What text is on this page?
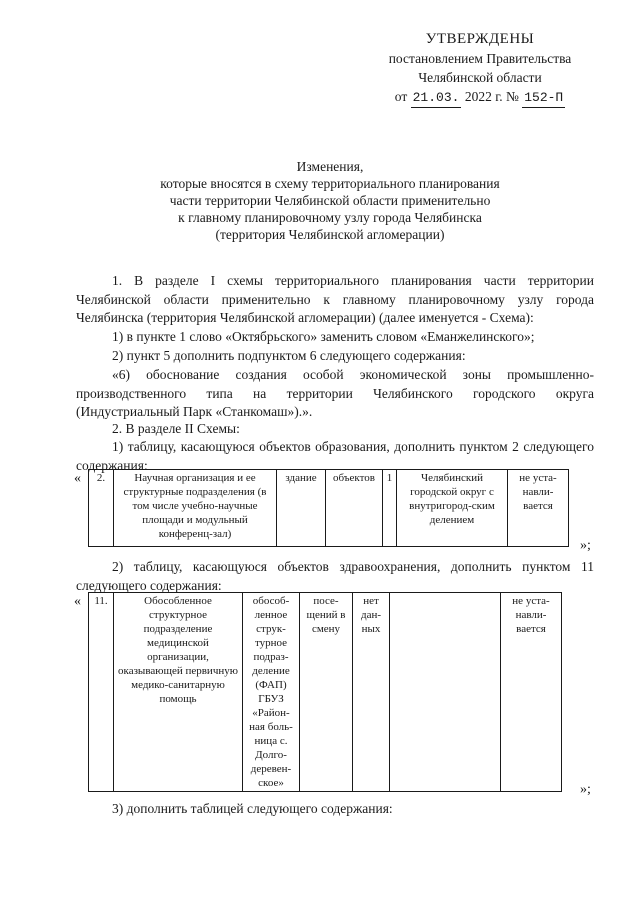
УТВЕРЖДЕНЫ
постановлением Правительства
Челябинской области
от 21.03. 2022 г. № 152-П
Изменения,
которые вносятся в схему территориального планирования
части территории Челябинской области применительно
к главному планировочному узлу города Челябинска
(территория Челябинской агломерации)
1. В разделе I схемы территориального планирования части территории Челябинской области применительно к главному планировочному узлу города Челябинска (территория Челябинской агломерации) (далее именуется - Схема):
1) в пункте 1 слово «Октябрьского» заменить словом «Еманжелинского»;
2) пункт 5 дополнить подпунктом 6 следующего содержания:
«6) обоснование создания особой экономической зоны промышленно-производственного типа на территории Челябинского городского округа (Индустриальный Парк «Станкомаш»).».
2. В разделе II Схемы:
1) таблицу, касающуюся объектов образования, дополнить пунктом 2 следующего содержания:
« 2.	Научная организация и ее структурные подразделения (в том числе учебно-научные площади и модульный конференц-зал)	здание	объектов	1	Челябинский городской округ с внутригород-ским делением	не уста-навли-вается
»;
2) таблицу, касающуюся объектов здравоохранения, дополнить пунктом 11 следующего содержания:
« 11.	Обособленное структурное подразделение медицинской организации, оказывающей первичную медико-санитарную помощь	обособ-ленное струк-турное подраз-деление (ФАП) ГБУЗ «Район-ная боль-ница с. Долго-деревен-ское»	посе-щений в смену	нет дан-ных		не уста-навли-вается
»;
3) дополнить таблицей следующего содержания:
